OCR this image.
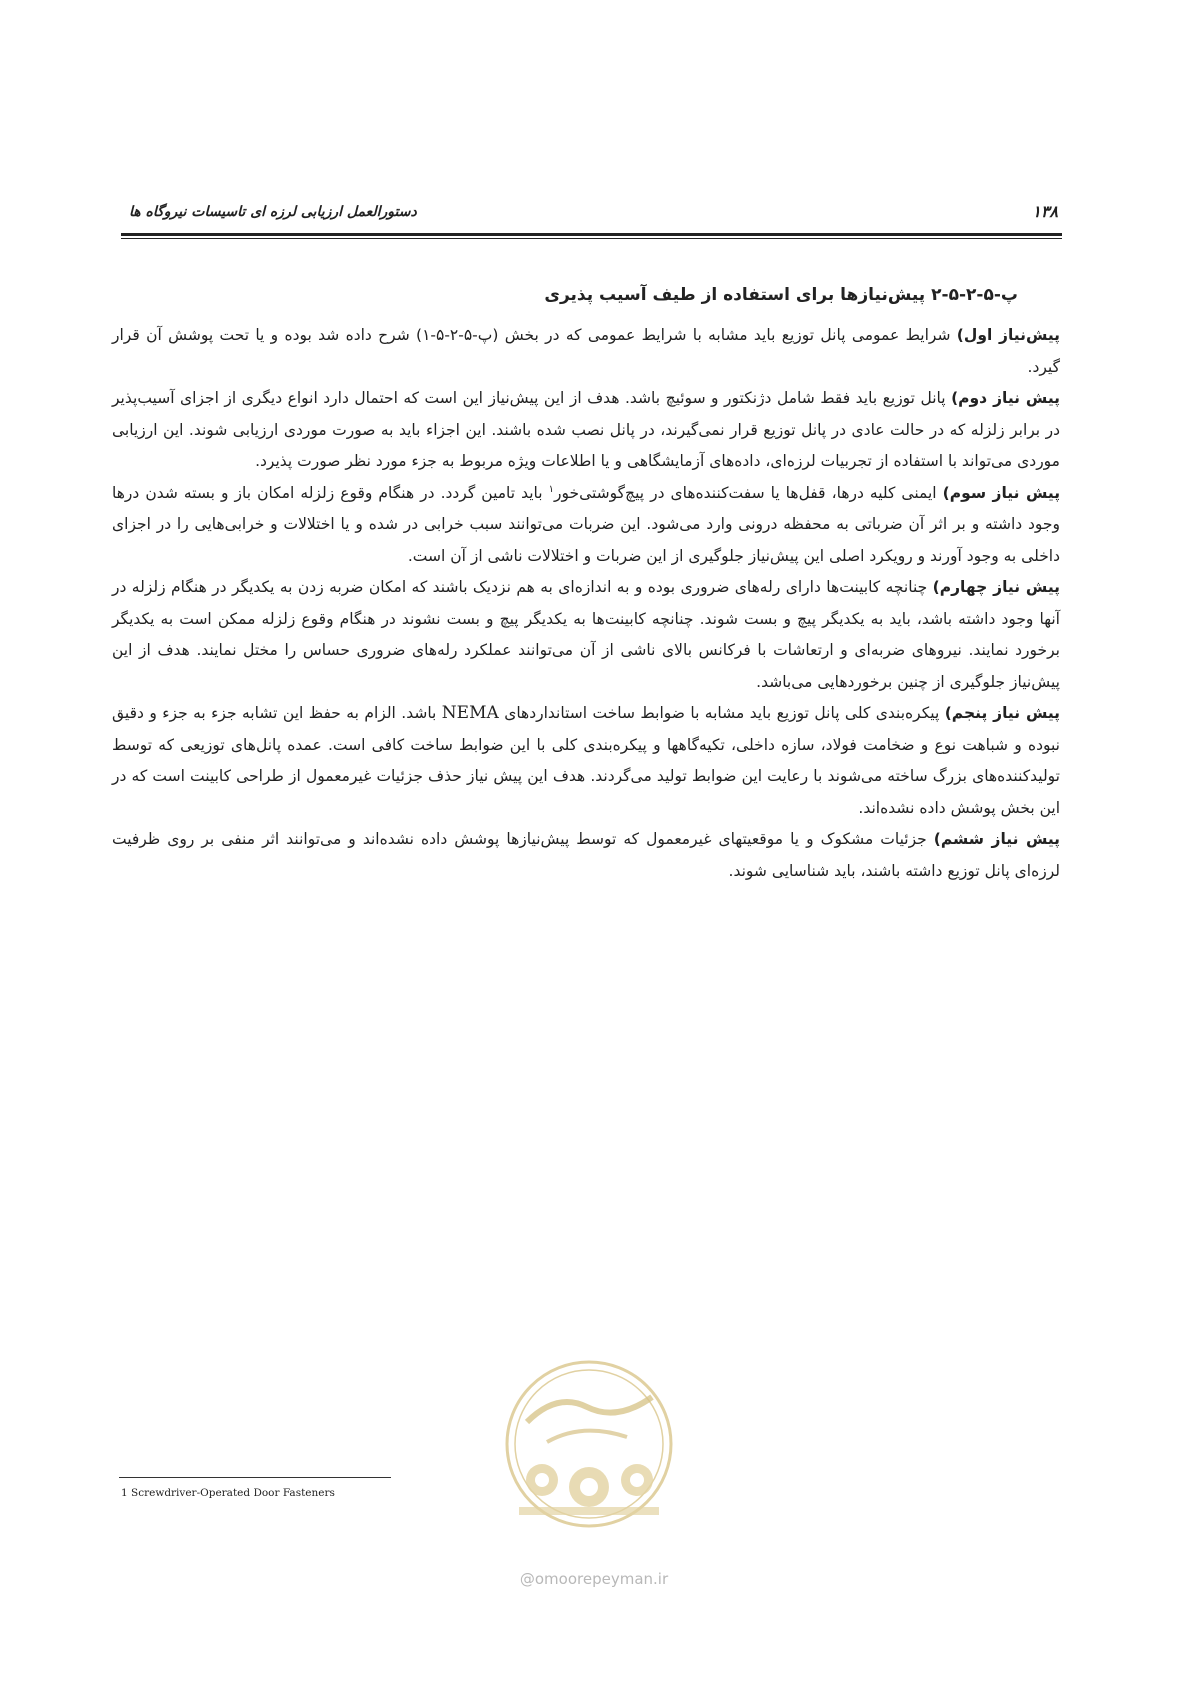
دستورالعمل ارزیابی لرزه ای تاسیسات نیروگاه ها	۱۳۸
پ-۵-۲-۵-۲ پیش‌نیازها برای استفاده از طیف آسیب پذیری

پیش‌نیاز اول) شرایط عمومی پانل توزیع باید مشابه با شرایط عمومی که در بخش (پ-۵-۲-۵-۱) شرح داده شد بوده و یا تحت پوشش آن قرار گیرد.

پیش نیاز دوم) پانل توزیع باید فقط شامل دژنکتور و سوئیچ باشد. هدف از این پیش‌نیاز این است که احتمال دارد انواع دیگری از اجزای آسیب‌پذیر در برابر زلزله که در حالت عادی در پانل توزیع قرار نمی‌گیرند، در پانل نصب شده باشند. این اجزاء باید به صورت موردی ارزیابی شوند. این ارزیابی موردی می‌تواند با استفاده از تجربیات لرزه‌ای، داده‌های آزمایشگاهی و یا اطلاعات ویژه مربوط به جزء مورد نظر صورت پذیرد.

پیش نیاز سوم) ایمنی کلیه درها، قفل‌ها یا سفت‌کننده‌های در پیچ‌گوشتی‌خور$^۱$ باید تامین گردد. در هنگام وقوع زلزله امکان باز و بسته شدن درها وجود داشته و بر اثر آن ضرباتی به محفظه درونی وارد می‌شود. این ضربات می‌توانند سبب خرابی در شده و یا اختلالات و خرابی‌هایی را در اجزای داخلی به وجود آورند و رویکرد اصلی این پیش‌نیاز جلوگیری از این ضربات و اختلالات ناشی از آن است.

پیش نیاز چهارم) چنانچه کابینت‌ها دارای رله‌های ضروری بوده و به اندازه‌ای به هم نزدیک باشند که امکان ضربه زدن به یکدیگر در هنگام زلزله در آنها وجود داشته باشد، باید به یکدیگر پیچ و بست شوند. چنانچه کابینت‌ها به یکدیگر پیچ و بست نشوند در هنگام وقوع زلزله ممکن است به یکدیگر برخورد نمایند. نیروهای ضربه‌ای و ارتعاشات با فرکانس بالای ناشی از آن می‌توانند عملکرد رله‌های ضروری حساس را مختل نمایند. هدف از این پیش‌نیاز جلوگیری از چنین برخوردهایی می‌باشد.

پیش نیاز پنجم) پیکره‌بندی کلی پانل توزیع باید مشابه با ضوابط ساخت استانداردهای NEMA باشد. الزام به حفظ این تشابه جزء به جزء و دقیق نبوده و شباهت نوع و ضخامت فولاد، سازه داخلی، تکیه‌گاهها و پیکره‌بندی کلی با این ضوابط ساخت کافی است. عمده پانل‌های توزیعی که توسط تولیدکننده‌های بزرگ ساخته می‌شوند با رعایت این ضوابط تولید می‌گردند. هدف این پیش نیاز حذف جزئیات غیرمعمول از طراحی کابینت است که در این بخش پوشش داده نشده‌اند.

پیش نیاز ششم) جزئیات مشکوک و یا موقعیتهای غیرمعمول که توسط پیش‌نیازها پوشش داده نشده‌اند و می‌توانند اثر منفی بر روی ظرفیت لرزه‌ای پانل توزیع داشته باشند، باید شناسایی شوند.

@omoorepeyman.ir
1 Screwdriver-Operated Door Fasteners
